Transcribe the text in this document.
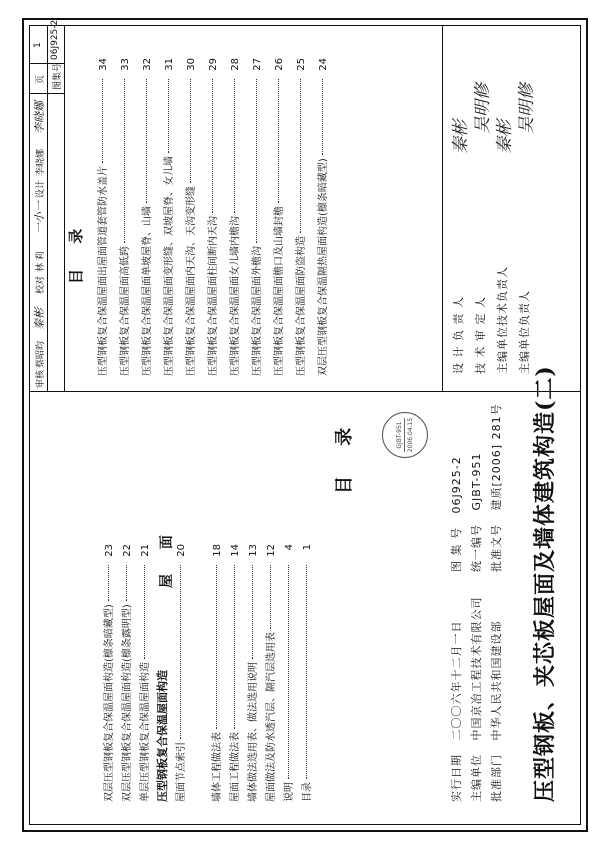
压型钢板、夹芯板屋面及墙体建筑构造(二)
批准部门   中华人民共和国建设部
批准文号   建质[2006] 281号
主编单位   中国京冶工程技术有限公司
统一编号   GJBT-951
实行日期   二〇〇六年十二月一日
图 集 号   06J925-2
GJBT-951 2006.04.15
目 录
目录
1
说明
4
屋面做法及防水透汽层、隔汽层选用表
12
墙体做法选用表、做法选用说明
13
屋面工程做法表
14
墙体工程做法表
18
屋面节点索引
20
压型钢板复合保温屋面构造
单层压型钢板复合保温屋面构造
21
双层压型钢板复合保温屋面构造(檩条露明型)
22
双层压型钢板复合保温屋面构造(檩条暗藏型)
23	屋 面
主编单位负责人
吴明修
主编单位技术负责人
秦彬
技 术 审 定 人
吴明修
设 计 负 责 人
秦彬
双层压型钢板复合保温隔热屋面构造(檩条暗藏型)
24
压型钢板复合保温屋面防盗构造
25
压型钢板复合保温屋面檐口及山墙封檐
26
压型钢板复合保温屋面外檐沟
27
压型钢板复合保温屋面女儿墙内檐沟
28
压型钢板复合保温屋面柱间断内天沟
29
压型钢板复合保温屋面内天沟、天沟变形缝
30
压型钢板复合保温屋面变形缝、双坡屋脊、女儿墙
31
压型钢板复合保温屋面单坡屋脊、山墙
32
压型钢板复合保温屋面高低跨
33
压型钢板复合保温屋面出屋面管道套管防水盖片
34
目 录
图集号
06J925-2
页
1
审核
蔡昭昀
秦彬
校对
林 莉
一小一
设计
李晓娜
李晓娜
